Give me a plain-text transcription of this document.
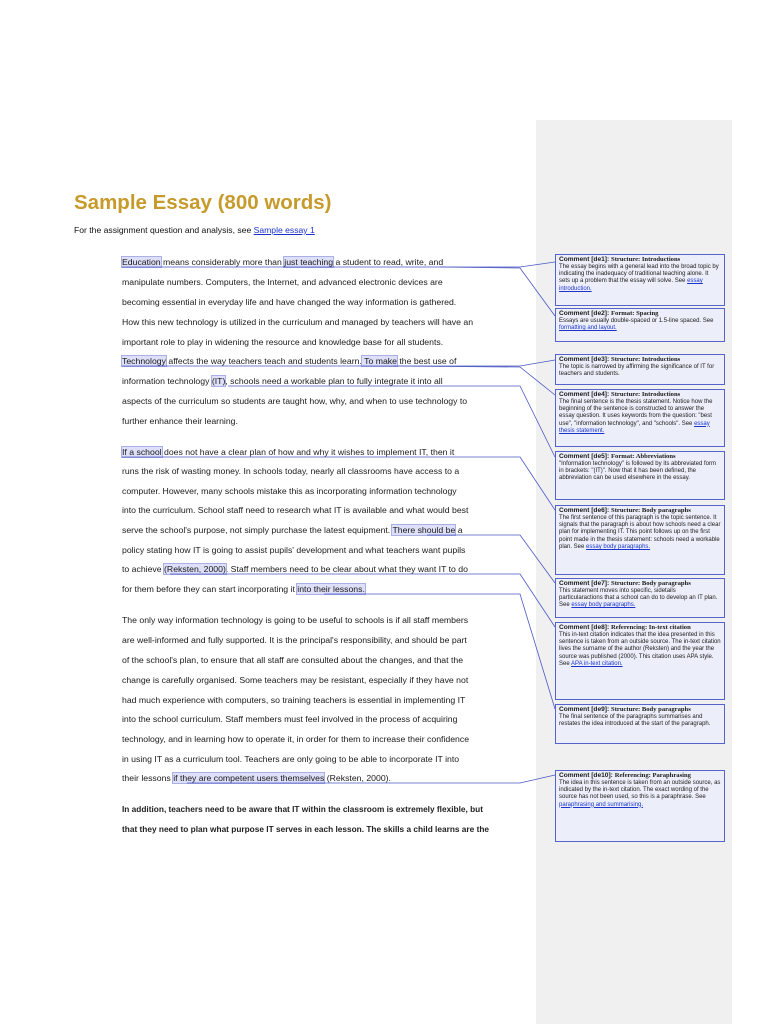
Sample Essay (800 words)
For the assignment question and analysis, see Sample essay 1
Education means considerably more than just teaching a student to read, write, and
manipulate numbers. Computers, the Internet, and advanced electronic devices are
becoming essential in everyday life and have changed the way information is gathered.
How this new technology is utilized in the curriculum and managed by teachers will have an
important role to play in widening the resource and knowledge base for all students.
Technology affects the way teachers teach and students learn. To make the best use of
information technology (IT), schools need a workable plan to fully integrate it into all
aspects of the curriculum so students are taught how, why, and when to use technology to
further enhance their learning.
If a school does not have a clear plan of how and why it wishes to implement IT, then it
runs the risk of wasting money. In schools today, nearly all classrooms have access to a
computer. However, many schools mistake this as incorporating information technology
into the curriculum. School staff need to research what IT is available and what would best
serve the school's purpose, not simply purchase the latest equipment. There should be a
policy stating how IT is going to assist pupils' development and what teachers want pupils
to achieve (Reksten, 2000). Staff members need to be clear about what they want IT to do
for them before they can start incorporating it into their lessons.
The only way information technology is going to be useful to schools is if all staff members
are well-informed and fully supported. It is the principal's responsibility, and should be part
of the school's plan, to ensure that all staff are consulted about the changes, and that the
change is carefully organised. Some teachers may be resistant, especially if they have not
had much experience with computers, so training teachers is essential in implementing IT
into the school curriculum. Staff members must feel involved in the process of acquiring
technology, and in learning how to operate it, in order for them to increase their confidence
in using IT as a curriculum tool. Teachers are only going to be able to incorporate IT into
their lessons if they are competent users themselves (Reksten, 2000).
In addition, teachers need to be aware that IT within the classroom is extremely flexible, but
that they need to plan what purpose IT serves in each lesson. The skills a child learns are the
Comment [de1]: Structure: Introductions
The essay begins with a general lead into the broad topic by indicating the inadequacy of traditional teaching alone. It sets up a problem that the essay will solve. See essay introduction.
Comment [de2]: Format: Spacing
Essays are usually double-spaced or 1.5-line spaced. See formatting and layout.
Comment [de3]: Structure: Introductions
The topic is narrowed by affirming the significance of IT for teachers and students.
Comment [de4]: Structure: Introductions
The final sentence is the thesis statement. Notice how the beginning of the sentence is constructed to answer the essay question. It uses keywords from the question: "best use", "information technology", and "schools". See essay thesis statement.
Comment [de5]: Format: Abbreviations
"Information technology" is followed by its abbreviated form in brackets: "(IT)". Now that it has been defined, the abbreviation can be used elsewhere in the essay.
Comment [de6]: Structure: Body paragraphs
The first sentence of this paragraph is the topic sentence. It signals that the paragraph is about how schools need a clear plan for implementing IT. This point follows up on the first point made in the thesis statement: schools need a workable plan. See essay body paragraphs.
Comment [de7]: Structure: Body paragraphs
This statement moves into specific, sidetails particularactions that a school can do to develop an IT plan. See essay body paragraphs.
Comment [de8]: Referencing: In-text citation
This in-text citation indicates that the idea presented in this sentence is taken from an outside source. The in-text citation lives the surname of the author (Reksten) and the year the source was published (2000). This citation uses APA style. See APA in-text citation.
Comment [de9]: Structure: Body paragraphs
The final sentence of the paragraphs summarises and restates the idea introduced at the start of the paragraph.
Comment [de10]: Referencing: Paraphrasing
The idea in this sentence is taken from an outside source, as indicated by the in-text citation. The exact wording of the source has not been used, so this is a paraphrase. See paraphrasing and summarising.
